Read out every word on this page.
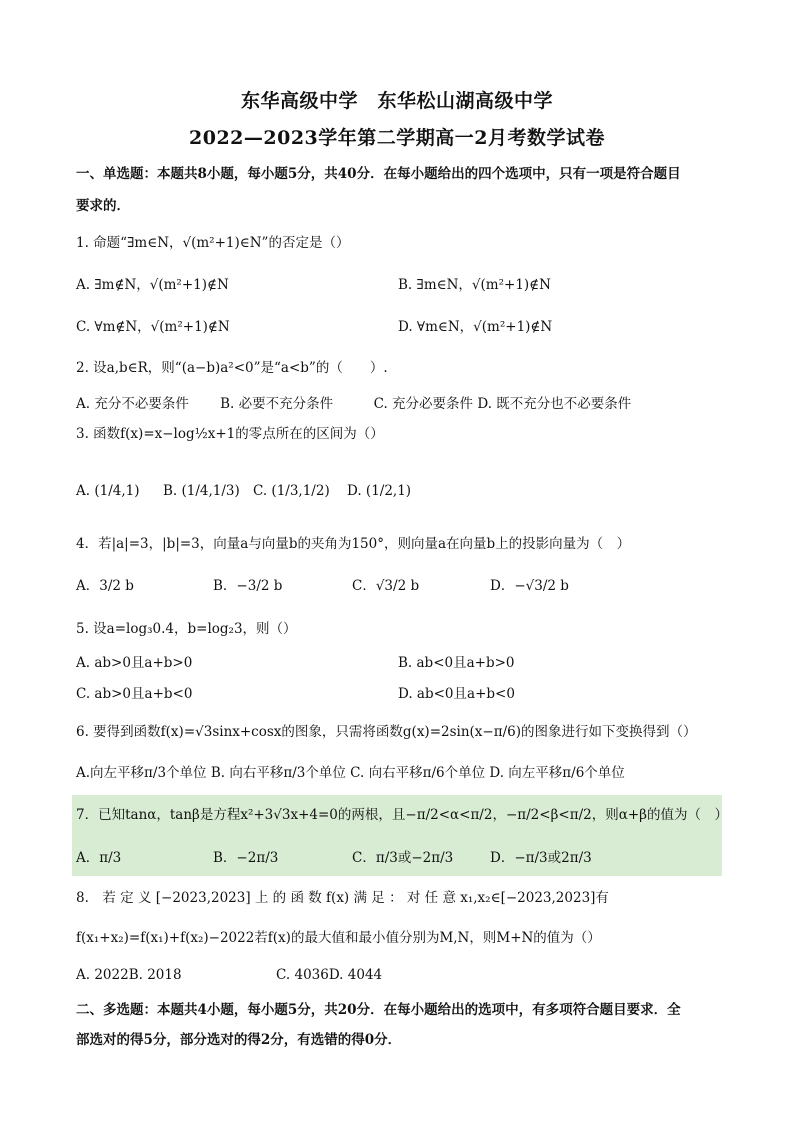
东华高级中学　东华松山湖高级中学
2022—2023学年第二学期高一2月考数学试卷
一、单选题：本题共8小题，每小题5分，共40分．在每小题给出的四个选项中，只有一项是符合题目
要求的．
1. 命题“∃m∈N，√(m²+1)∈N”的否定是（）
A. ∃m∉N，√(m²+1)∉N	B. ∃m∈N，√(m²+1)∉N
C. ∀m∉N，√(m²+1)∉N	D. ∀m∈N，√(m²+1)∉N
2. 设a,b∈R，则“(a−b)a²<0”是“a<b”的（　　）.
A. 充分不必要条件　　 B. 必要不充分条件　　　C. 充分必要条件 D. 既不充分也不必要条件
3. 函数f(x)=x−log½x+1的零点所在的区间为（）
A. (1/4,1) B. (1/4,1/3) C. (1/3,1/2) D. (1/2,1)
4．若|a|=3，|b|=3，向量a与向量b的夹角为150°，则向量a在向量b上的投影向量为（　）
A．3/2 b	B．−3/2 b	C．√3/2 b	D．−√3/2 b
5. 设a=log₃0.4，b=log₂3，则（）
A. ab>0且a+b>0	B. ab<0且a+b>0
C. ab>0且a+b<0	D. ab<0且a+b<0
6. 要得到函数f(x)=√3sinx+cosx的图象，只需将函数g(x)=2sin(x−π/6)的图象进行如下变换得到（）
A.向左平移π/3个单位 B. 向右平移π/3个单位 C. 向右平移π/6个单位 D. 向左平移π/6个单位
7．已知tanα，tanβ是方程x²+3√3x+4=0的两根，且−π/2<α<π/2，−π/2<β<π/2，则α+β的值为（　）
A．π/3	B．−2π/3	C．π/3或−2π/3	D．−π/3或2π/3
8.　若 定 义 [−2023,2023] 上 的 函 数 f(x) 满 足 ： 对 任 意 x₁,x₂∈[−2023,2023]有
f(x₁+x₂)=f(x₁)+f(x₂)−2022若f(x)的最大值和最小值分别为M,N，则M+N的值为（）
A. 2022B. 2018　　　　　　　C. 4036D. 4044
二、多选题：本题共4小题，每小题5分，共20分．在每小题给出的选项中，有多项符合题目要求．全
部选对的得5分，部分选对的得2分，有选错的得0分．
